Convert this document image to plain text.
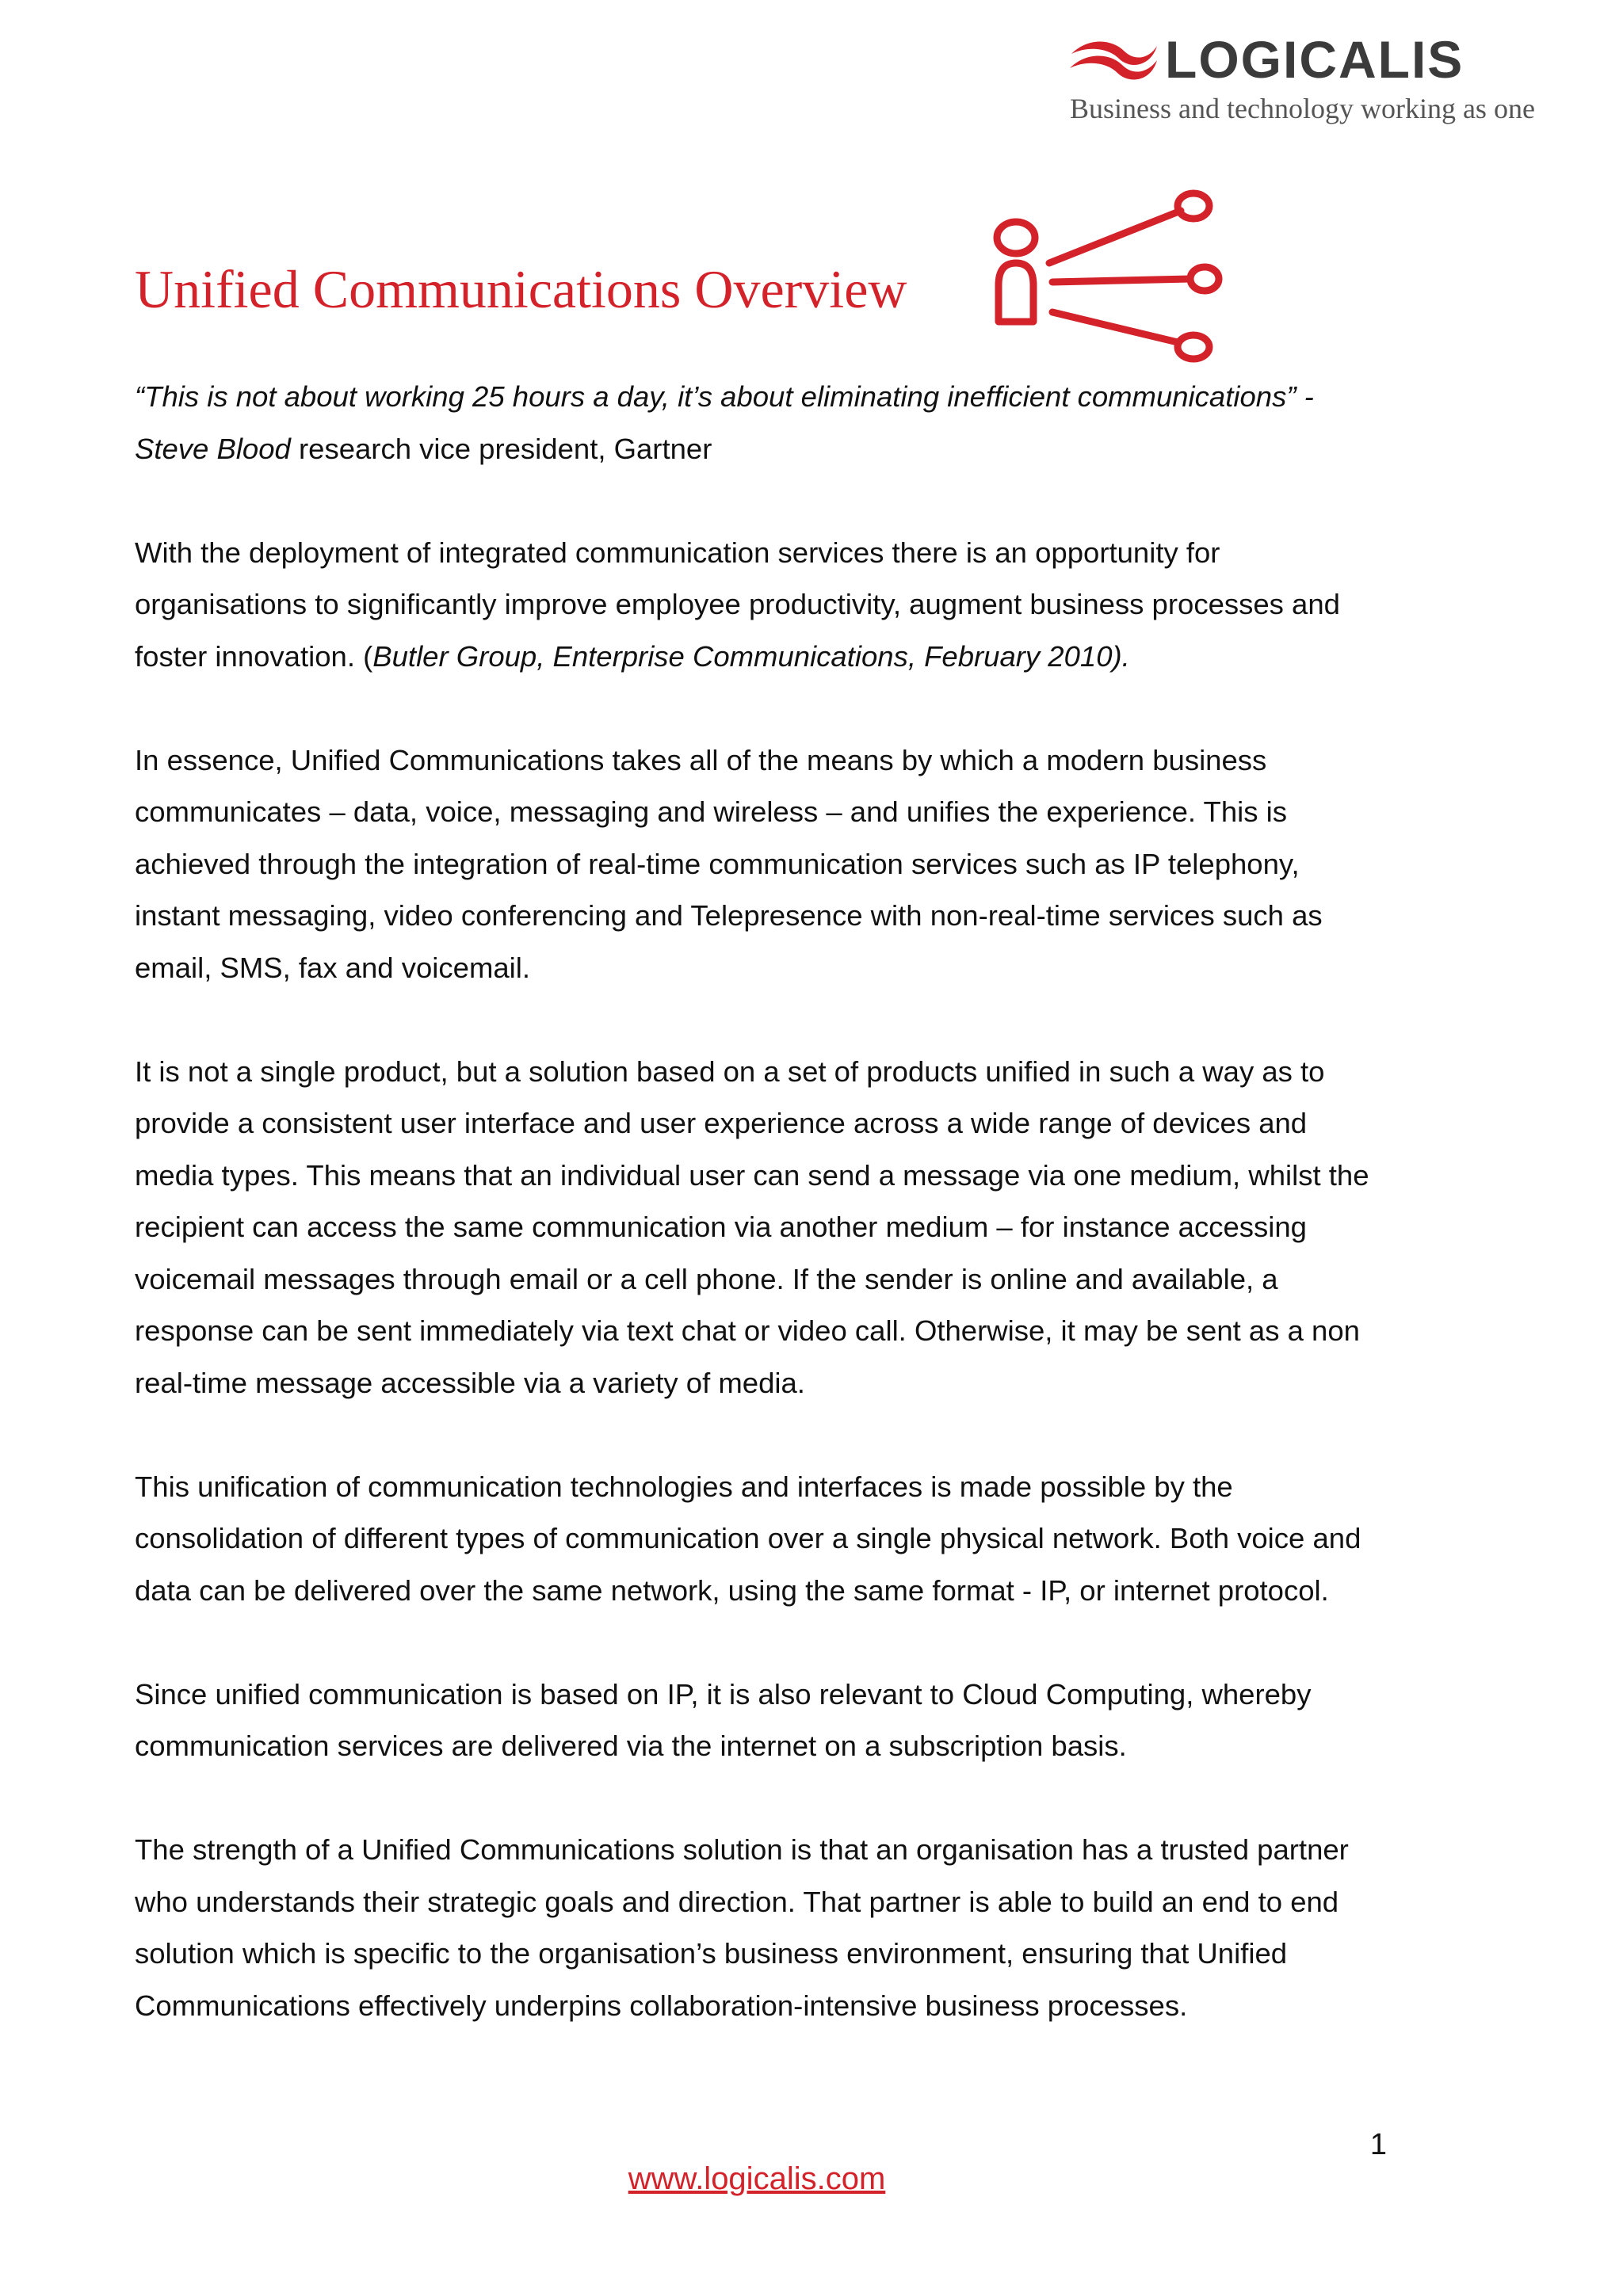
LOGICALIS
Business and technology working as one
Unified Communications Overview

“This is not about working 25 hours a day, it’s about eliminating inefficient communications” -
Steve Blood research vice president, Gartner

With the deployment of integrated communication services there is an opportunity for organisations to significantly improve employee productivity, augment business processes and foster innovation. (Butler Group, Enterprise Communications, February 2010).

In essence, Unified Communications takes all of the means by which a modern business communicates – data, voice, messaging and wireless – and unifies the experience. This is achieved through the integration of real-time communication services such as IP telephony, instant messaging, video conferencing and Telepresence with non-real-time services such as email, SMS, fax and voicemail.

It is not a single product, but a solution based on a set of products unified in such a way as to provide a consistent user interface and user experience across a wide range of devices and media types. This means that an individual user can send a message via one medium, whilst the recipient can access the same communication via another medium – for instance accessing voicemail messages through email or a cell phone. If the sender is online and available, a response can be sent immediately via text chat or video call. Otherwise, it may be sent as a non real-time message accessible via a variety of media.

This unification of communication technologies and interfaces is made possible by the consolidation of different types of communication over a single physical network. Both voice and data can be delivered over the same network, using the same format - IP, or internet protocol.

Since unified communication is based on IP, it is also relevant to Cloud Computing, whereby communication services are delivered via the internet on a subscription basis.

The strength of a Unified Communications solution is that an organisation has a trusted partner who understands their strategic goals and direction. That partner is able to build an end to end solution which is specific to the organisation’s business environment, ensuring that Unified Communications effectively underpins collaboration-intensive business processes.

1
www.logicalis.com
